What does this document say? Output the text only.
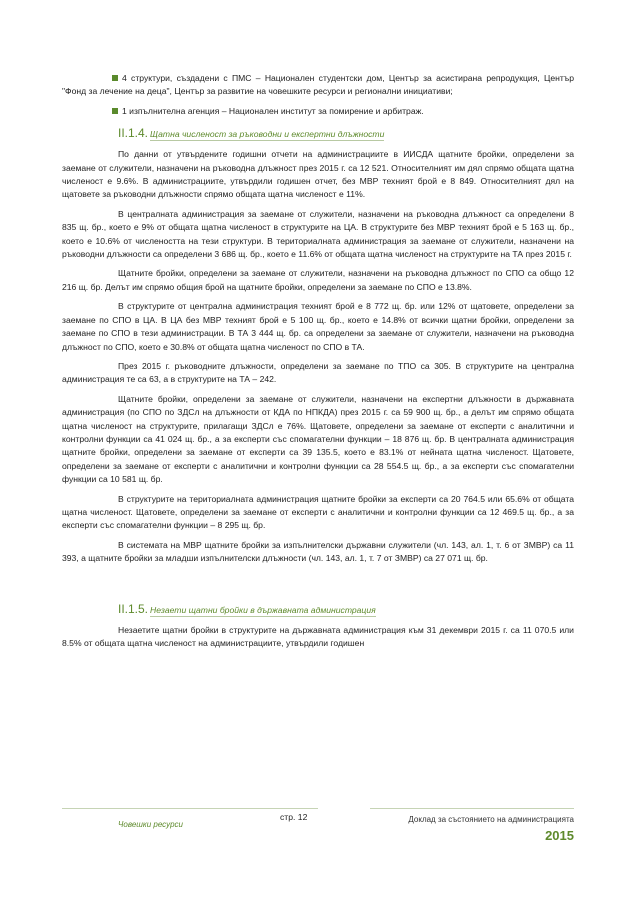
4 структури, създадени с ПМС – Национален студентски дом, Център за асистирана репродукция, Център "Фонд за лечение на деца", Център за развитие на човешките ресурси и регионални инициативи;

1 изпълнителна агенция – Национален институт за помирение и арбитраж.

II.1.4. Щатна численост за ръководни и експертни длъжности

По данни от утвърдените годишни отчети на администрациите в ИИСДА щатните бройки, определени за заемане от служители, назначени на ръководна длъжност през 2015 г. са 12 521. Относителният им дял спрямо общата щатна численост е 9.6%. В администрациите, утвърдили годишен отчет, без МВР техният брой е 8 849. Относителният дял на щатовете за ръководни длъжности спрямо общата щатна численост е 11%.

В централната администрация за заемане от служители, назначени на ръководна длъжност са определени 8 835 щ. бр., което е 9% от общата щатна численост в структурите на ЦА. В структурите без МВР техният брой е 5 163 щ. бр., което е 10.6% от числеността на тези структури. В териториалната администрация за заемане от служители, назначени на ръководни длъжности са определени 3 686 щ. бр., което е 11.6% от общата щатна численост на структурите на ТА през 2015 г.

Щатните бройки, определени за заемане от служители, назначени на ръководна длъжност по СПО са общо 12 216 щ. бр. Делът им спрямо общия брой на щатните бройки, определени за заемане по СПО е 13.8%.

В структурите от централна администрация техният брой е 8 772 щ. бр. или 12% от щатовете, определени за заемане по СПО в ЦА. В ЦА без МВР техният брой е 5 100 щ. бр., което е 14.8% от всички щатни бройки, определени за заемане по СПО в тези администрации. В ТА 3 444 щ. бр. са определени за заемане от служители, назначени на ръководна длъжност по СПО, което е 30.8% от общата щатна численост по СПО в ТА.

През 2015 г. ръководните длъжности, определени за заемане по ТПО са 305. В структурите на централна администрация те са 63, а в структурите на ТА – 242.

Щатните бройки, определени за заемане от служители, назначени на експертни длъжности в държавната администрация (по СПО по ЗДСл на длъжности от КДА по НПКДА) през 2015 г. са 59 900 щ. бр., а делът им спрямо общата щатна численост на структурите, прилагащи ЗДСл е 76%. Щатовете, определени за заемане от експерти с аналитични и контролни функции са 41 024 щ. бр., а за експерти със спомагателни функции – 18 876 щ. бр. В централната администрация щатните бройки, определени за заемане от експерти са 39 135.5, което е 83.1% от нейната щатна численост. Щатовете, определени за заемане от експерти с аналитични и контролни функции са 28 554.5 щ. бр., а за експерти със спомагателни функции са 10 581 щ. бр.

В структурите на териториалната администрация щатните бройки за експерти са 20 764.5 или 65.6% от общата щатна численост. Щатовете, определени за заемане от експерти с аналитични и контролни функции са 12 469.5 щ. бр., а за експерти със спомагателни функции – 8 295 щ. бр.

В системата на МВР щатните бройки за изпълнителски държавни служители (чл. 143, ал. 1, т. 6 от ЗМВР) са 11 393, а щатните бройки за младши изпълнителски длъжности (чл. 143, ал. 1, т. 7 от ЗМВР) са 27 071 щ. бр.

II.1.5. Незаети щатни бройки в държавната администрация

Незаетите щатни бройки в структурите на държавната администрация към 31 декември 2015 г. са 11 070.5 или 8.5% от общата щатна численост на администрациите, утвърдили годишен

стр. 12
Човешки ресурси
Доклад за състоянието на администрацията
2015
